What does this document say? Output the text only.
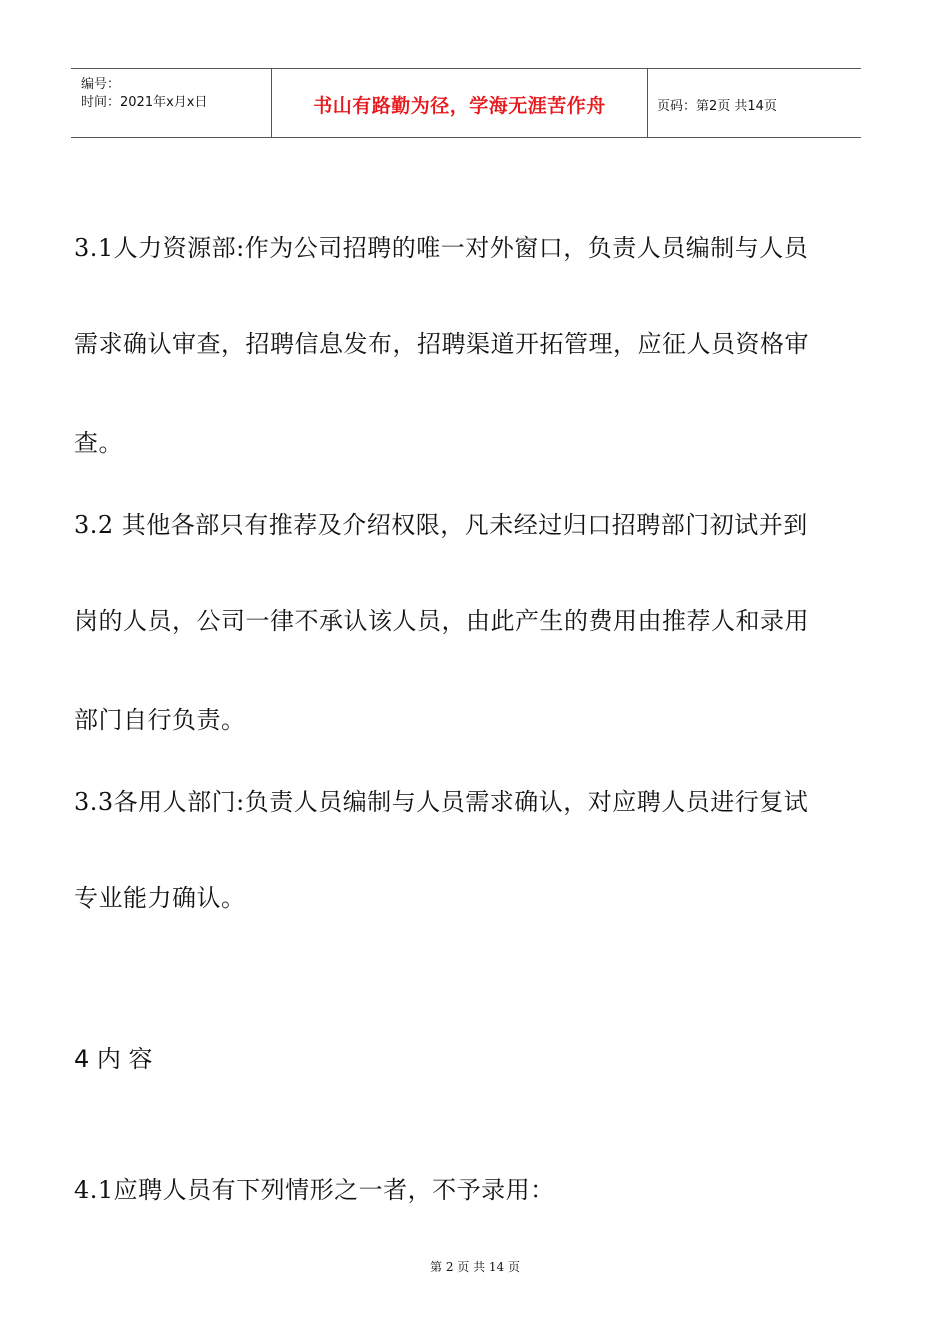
编号：
时间：2021年x月x日	书山有路勤为径，学海无涯苦作舟	页码：第2页 共14页
3.1人力资源部:作为公司招聘的唯一对外窗口，负责人员编制与人员
需求确认审查，招聘信息发布，招聘渠道开拓管理，应征人员资格审
查。
3.2 其他各部只有推荐及介绍权限，凡未经过归口招聘部门初试并到
岗的人员，公司一律不承认该人员，由此产生的费用由推荐人和录用
部门自行负责。
3.3各用人部门:负责人员编制与人员需求确认，对应聘人员进行复试
专业能力确认。
4 内 容
4.1应聘人员有下列情形之一者，不予录用：
第 2 页 共 14 页
